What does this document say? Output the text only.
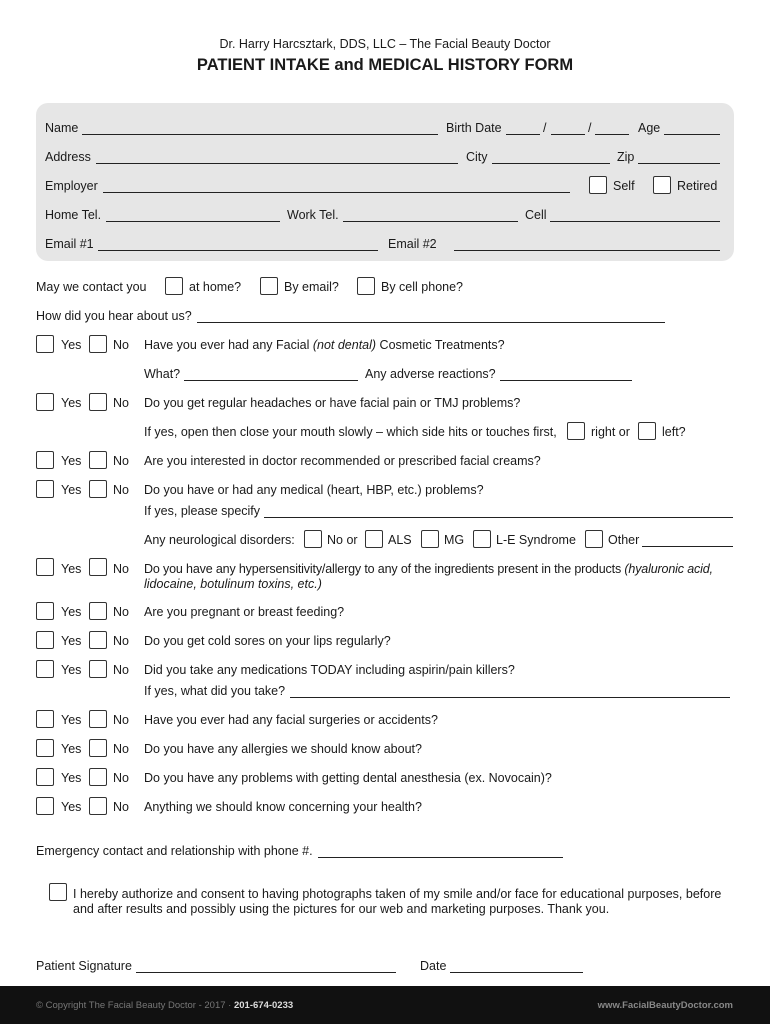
Dr. Harry Harcsztark, DDS, LLC – The Facial Beauty Doctor
PATIENT INTAKE and MEDICAL HISTORY FORM
Name	Birth Date	/	/	Age
Address	City	Zip
Employer	Self	Retired
Home Tel.	Work Tel.	Cell
Email #1	Email #2
May we contact you	at home?	By email?	By cell phone?
How did you hear about us?
Yes	No Have you ever had any Facial (not dental) Cosmetic Treatments?
What?	Any adverse reactions?
Yes	No Do you get regular headaches or have facial pain or TMJ problems?
If yes, open then close your mouth slowly – which side hits or touches first,	right or	left?
Yes	No Are you interested in doctor recommended or prescribed facial creams?
Yes	No Do you have or had any medical (heart, HBP, etc.) problems?
If yes, please specify
Any neurological disorders:	No or ALS	MG	L-E Syndrome	Other
Yes	No Do you have any hypersensitivity/allergy to any of the ingredients present in the products (hyaluronic acid,
lidocaine, botulinum toxins, etc.)
Yes	No Are you pregnant or breast feeding?
Yes	No Do you get cold sores on your lips regularly?
Yes	No Did you take any medications TODAY including aspirin/pain killers?
If yes, what did you take?
Yes	No Have you ever had any facial surgeries or accidents?
Yes	No Do you have any allergies we should know about?
Yes	No Do you have any problems with getting dental anesthesia (ex. Novocain)?
Yes	No Anything we should know concerning your health?
Emergency contact and relationship with phone #.
I hereby authorize and consent to having photographs taken of my smile and/or face for educational purposes, before
and after results and possibly using the pictures for our web and marketing purposes. Thank you.
Patient Signature	Date
© Copyright The Facial Beauty Doctor - 2017 · 201-674-0233	www.FacialBeautyDoctor.com
